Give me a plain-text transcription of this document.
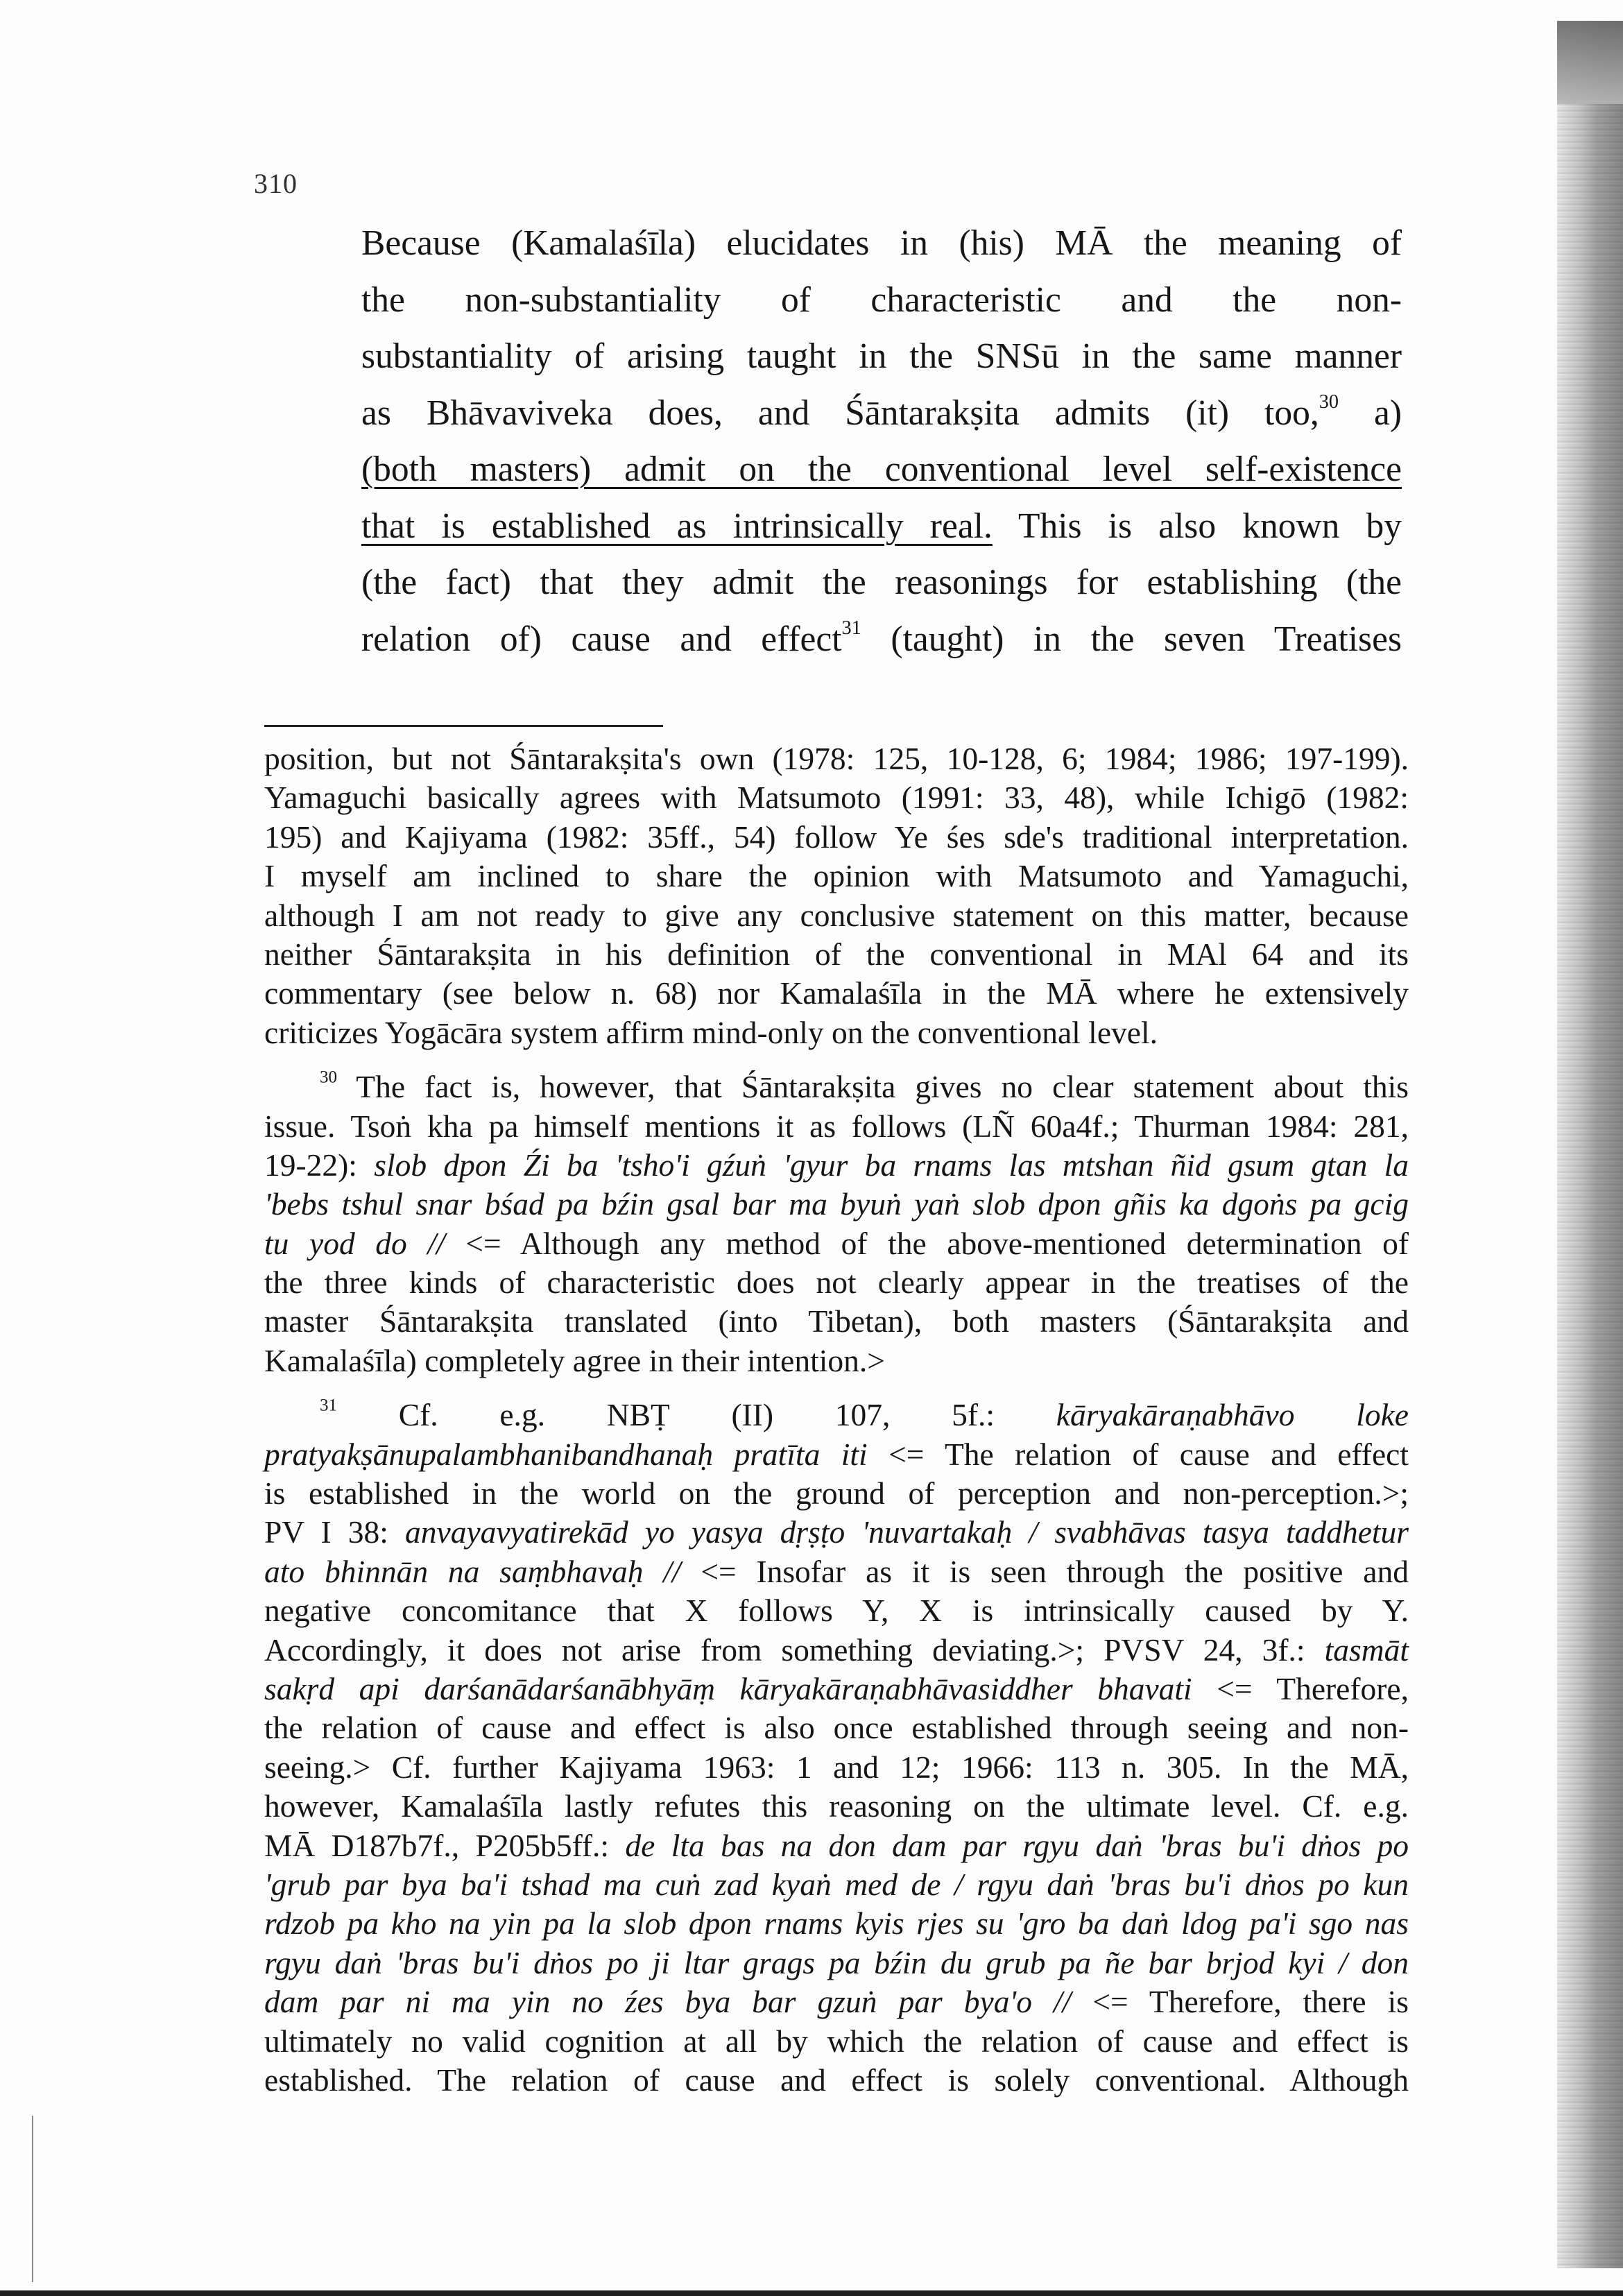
310
Because (Kamalaśīla) elucidates in (his) MĀ the meaning of
the non-substantiality of characteristic and the non-
substantiality of arising taught in the SNSū in the same manner
as Bhāvaviveka does, and Śāntarakṣita admits (it) too,$^{30}$ a)
(both masters) admit on the conventional level self-existence
that is established as intrinsically real. This is also known by
(the fact) that they admit the reasonings for establishing (the
relation of) cause and effect$^{31}$ (taught) in the seven Treatises
position, but not Śāntarakṣita's own (1978: 125, 10-128, 6; 1984; 1986; 197-199).
Yamaguchi basically agrees with Matsumoto (1991: 33, 48), while Ichigō (1982:
195) and Kajiyama (1982: 35ff., 54) follow Ye śes sde's traditional interpretation.
I myself am inclined to share the opinion with Matsumoto and Yamaguchi,
although I am not ready to give any conclusive statement on this matter, because
neither Śāntarakṣita in his definition of the conventional in MAl 64 and its
commentary (see below n. 68) nor Kamalaśīla in the MĀ where he extensively
criticizes Yogācāra system affirm mind-only on the conventional level.
$^{30}$ The fact is, however, that Śāntarakṣita gives no clear statement about this
issue. Tsoṅ kha pa himself mentions it as follows (LÑ 60a4f.; Thurman 1984: 281,
19-22): slob dpon Źi ba 'tsho'i gźuṅ 'gyur ba rnams las mtshan ñid gsum gtan la
'bebs tshul snar bśad pa bźin gsal bar ma byuṅ yaṅ slob dpon gñis ka dgoṅs pa gcig
tu yod do // <= Although any method of the above-mentioned determination of
the three kinds of characteristic does not clearly appear in the treatises of the
master Śāntarakṣita translated (into Tibetan), both masters (Śāntarakṣita and
Kamalaśīla) completely agree in their intention.>
$^{31}$ Cf. e.g. NBṬ (II) 107, 5f.: kāryakāraṇabhāvo loke
pratyakṣānupalambhanibandhanaḥ pratīta iti <= The relation of cause and effect
is established in the world on the ground of perception and non-perception.>;
PV I 38: anvayavyatirekād yo yasya dṛṣṭo 'nuvartakaḥ / svabhāvas tasya taddhetur
ato bhinnān na saṃbhavaḥ // <= Insofar as it is seen through the positive and
negative concomitance that X follows Y, X is intrinsically caused by Y.
Accordingly, it does not arise from something deviating.>; PVSV 24, 3f.: tasmāt
sakṛd api darśanādarśanābhyāṃ kāryakāraṇabhāvasiddher bhavati <= Therefore,
the relation of cause and effect is also once established through seeing and non-
seeing.> Cf. further Kajiyama 1963: 1 and 12; 1966: 113 n. 305. In the MĀ,
however, Kamalaśīla lastly refutes this reasoning on the ultimate level. Cf. e.g.
MĀ D187b7f., P205b5ff.: de lta bas na don dam par rgyu daṅ 'bras bu'i dṅos po
'grub par bya ba'i tshad ma cuṅ zad kyaṅ med de / rgyu daṅ 'bras bu'i dṅos po kun
rdzob pa kho na yin pa la slob dpon rnams kyis rjes su 'gro ba daṅ ldog pa'i sgo nas
rgyu daṅ 'bras bu'i dṅos po ji ltar grags pa bźin du grub pa ñe bar brjod kyi / don
dam par ni ma yin no źes bya bar gzuṅ par bya'o // <= Therefore, there is
ultimately no valid cognition at all by which the relation of cause and effect is
established. The relation of cause and effect is solely conventional. Although
